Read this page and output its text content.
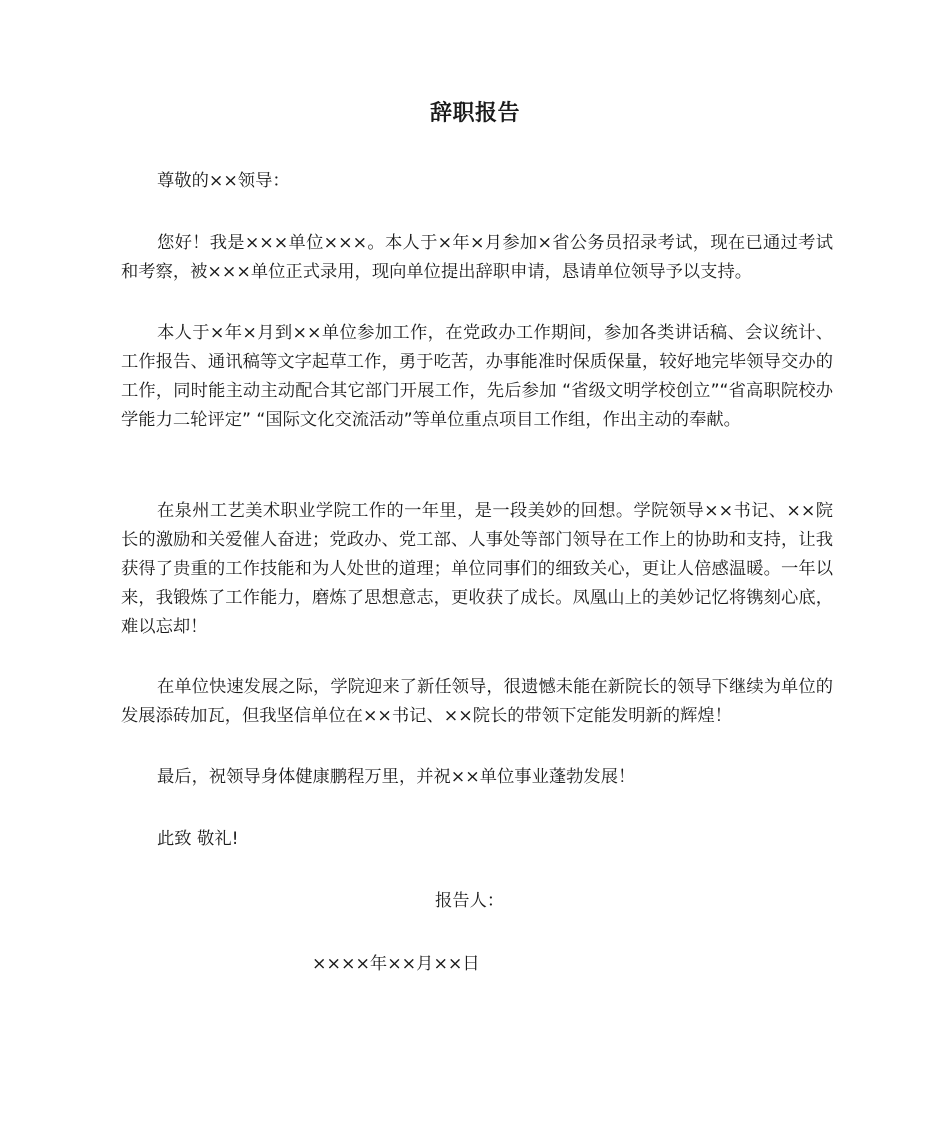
辞职报告
尊敬的××领导：
您好！我是×××单位×××。本人于×年×月参加×省公务员招录考试，现在已通过考试和考察，被×××单位正式录用，现向单位提出辞职申请，恳请单位领导予以支持。
本人于×年×月到××单位参加工作，在党政办工作期间，参加各类讲话稿、会议统计、工作报告、通讯稿等文字起草工作，勇于吃苦，办事能准时保质保量，较好地完毕领导交办的工作，同时能主动主动配合其它部门开展工作，先后参加 “省级文明学校创立”“省高职院校办学能力二轮评定” “国际文化交流活动”等单位重点项目工作组，作出主动的奉献。
在泉州工艺美术职业学院工作的一年里，是一段美妙的回想。学院领导××书记、××院长的激励和关爱催人奋进；党政办、党工部、人事处等部门领导在工作上的协助和支持，让我获得了贵重的工作技能和为人处世的道理；单位同事们的细致关心，更让人倍感温暖。一年以来，我锻炼了工作能力，磨炼了思想意志，更收获了成长。凤凰山上的美妙记忆将镌刻心底，难以忘却！
在单位快速发展之际，学院迎来了新任领导，很遗憾未能在新院长的领导下继续为单位的发展添砖加瓦，但我坚信单位在××书记、××院长的带领下定能发明新的辉煌！
最后，祝领导身体健康鹏程万里，并祝××单位事业蓬勃发展！
此致 敬礼!
报告人：
××××年××月××日
